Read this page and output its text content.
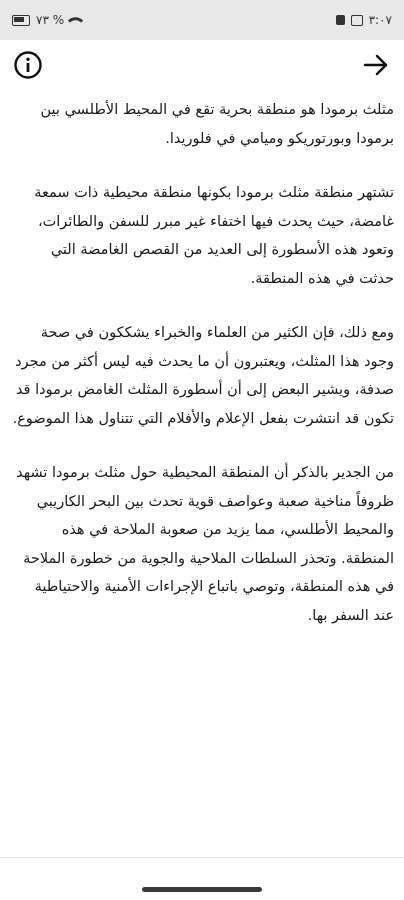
٧٣ %	٣:٠٧

مثلث برمودا هو منطقة بحرية تقع في المحيط الأطلسي بين برمودا وبورتوريكو وميامي في فلوريدا.

تشتهر منطقة مثلث برمودا بكونها منطقة محيطية ذات سمعة غامضة، حيث يحدث فيها اختفاء غير مبرر للسفن والطائرات، وتعود هذه الأسطورة إلى العديد من القصص الغامضة التي حدثت في هذه المنطقة.

ومع ذلك، فإن الكثير من العلماء والخبراء يشككون في صحة وجود هذا المثلث، ويعتبرون أن ما يحدث فيه ليس أكثر من مجرد صدفة، ويشير البعض إلى أن أسطورة المثلث الغامض برمودا قد تكون قد انتشرت بفعل الإعلام والأفلام التي تتناول هذا الموضوع.

من الجدير بالذكر أن المنطقة المحيطية حول مثلث برمودا تشهد ظروفاً مناخية صعبة وعواصف قوية تحدث بين البحر الكاريبي والمحيط الأطلسي، مما يزيد من صعوبة الملاحة في هذه المنطقة. وتحذر السلطات الملاحية والجوية من خطورة الملاحة في هذه المنطقة، وتوصي باتباع الإجراءات الأمنية والاحتياطية عند السفر بها.
